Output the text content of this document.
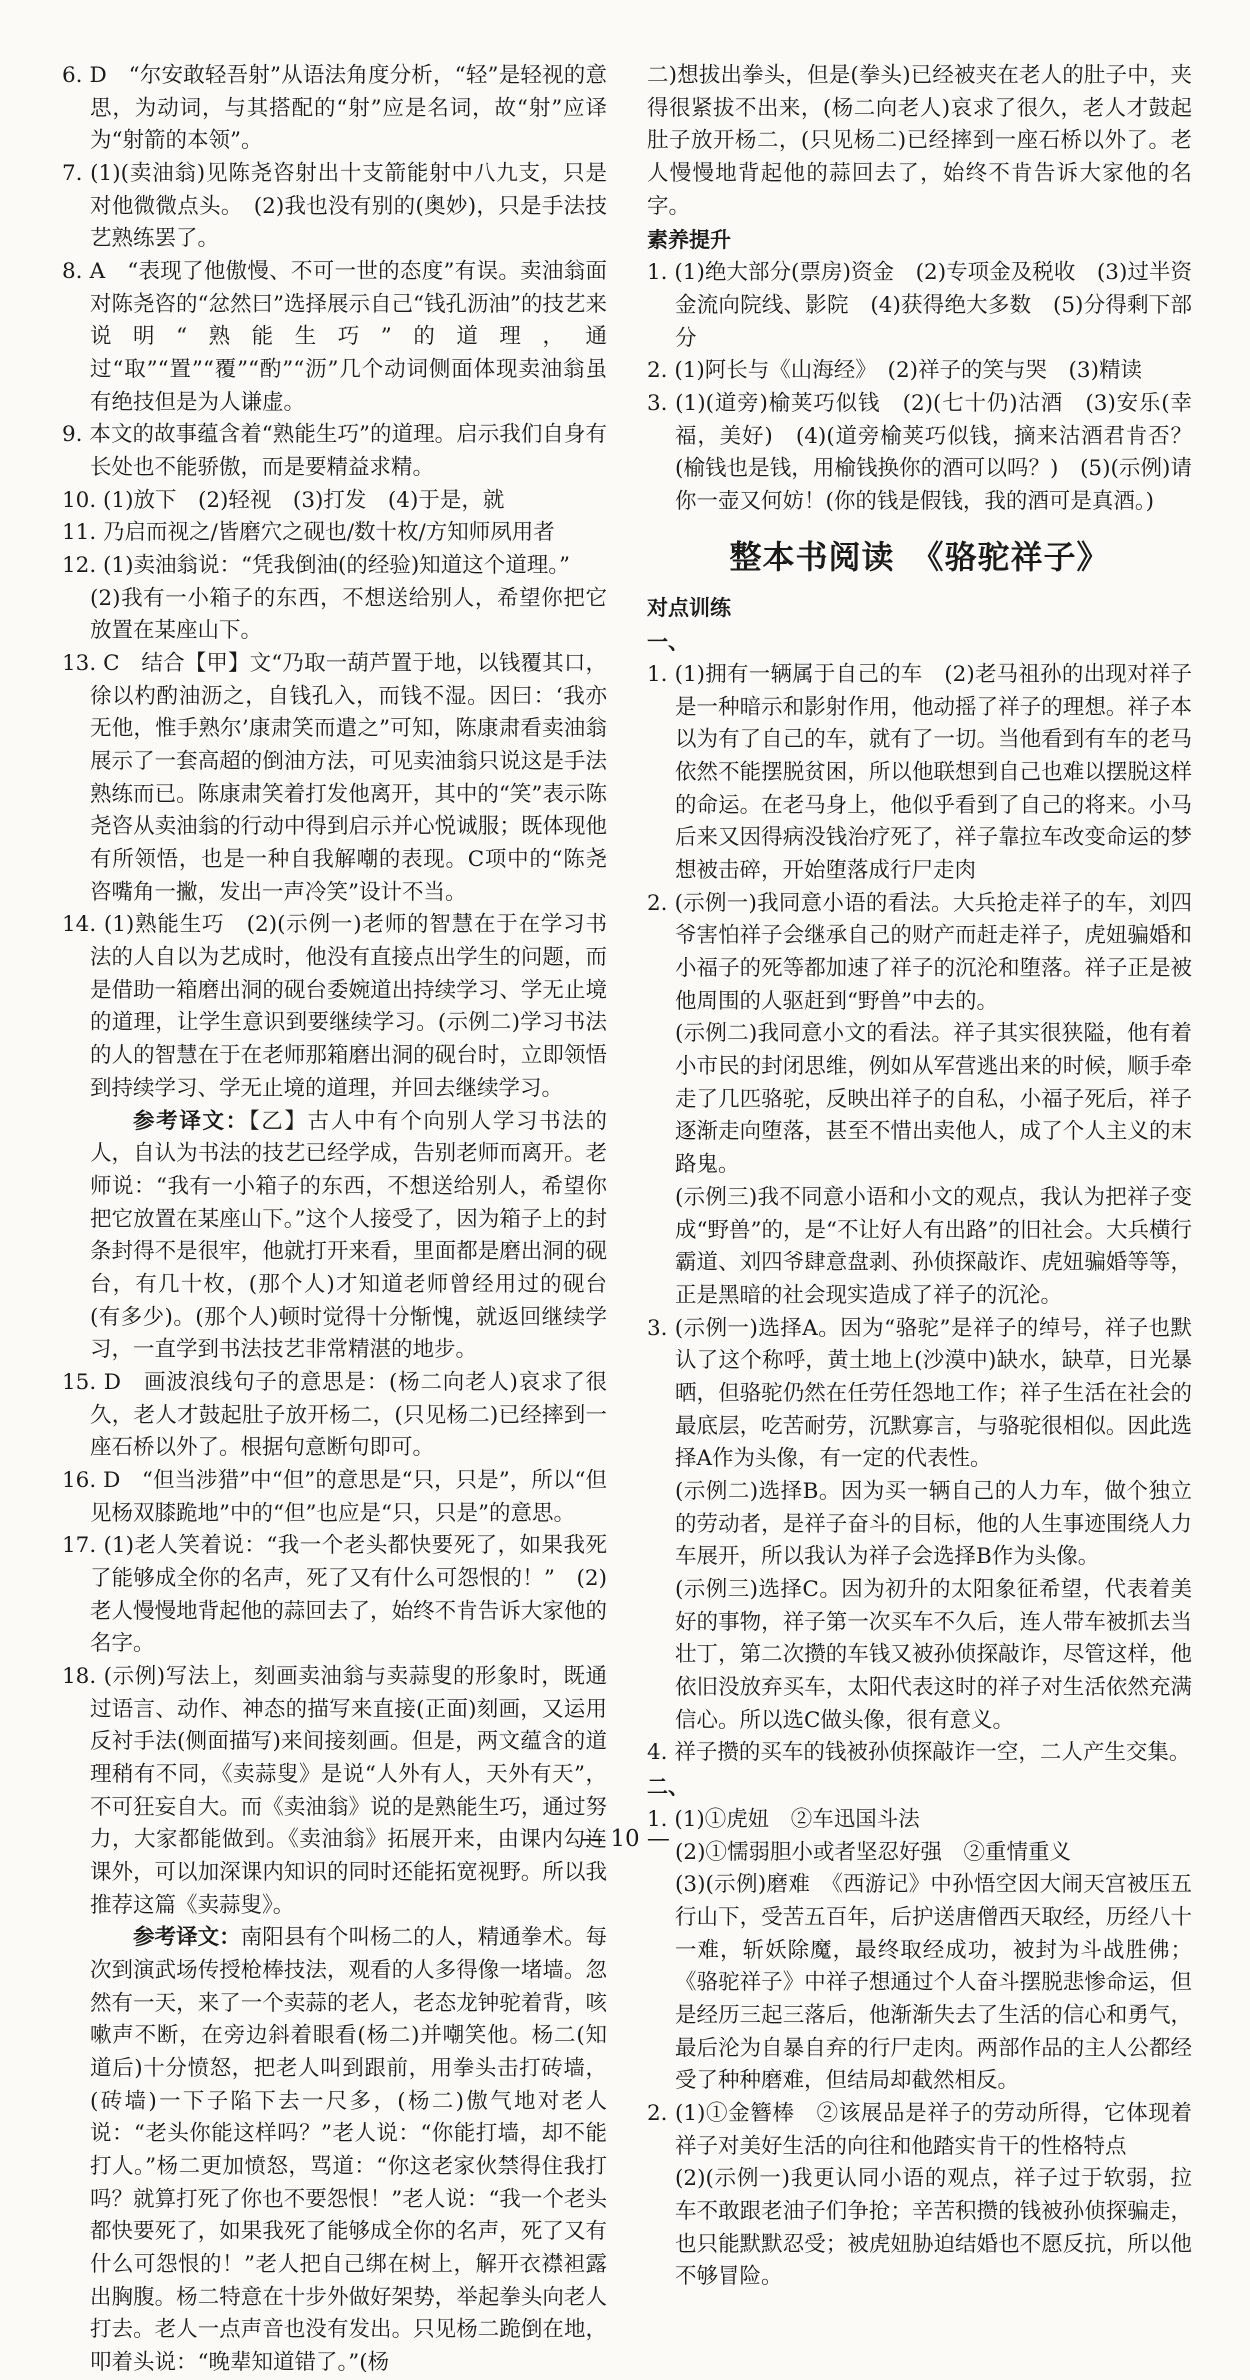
6. D　“尔安敢轻吾射”从语法角度分析，“轻”是轻视的意思，为动词，与其搭配的“射”应是名词，故“射”应译为“射箭的本领”。

7. (1)(卖油翁)见陈尧咨射出十支箭能射中八九支，只是对他微微点头。　(2)我也没有别的(奥妙)，只是手法技艺熟练罢了。

8. A　“表现了他傲慢、不可一世的态度”有误。卖油翁面对陈尧咨的“忿然曰”选择展示自己“钱孔沥油”的技艺来说明“熟能生巧”的道理，通过“取”“置”“覆”“酌”“沥”几个动词侧面体现卖油翁虽有绝技但是为人谦虚。

9. 本文的故事蕴含着“熟能生巧”的道理。启示我们自身有长处也不能骄傲，而是要精益求精。

10. (1)放下　(2)轻视　(3)打发　(4)于是，就

11. 乃启而视之/皆磨穴之砚也/数十枚/方知师夙用者

12. (1)卖油翁说：“凭我倒油(的经验)知道这个道理。”

(2)我有一小箱子的东西，不想送给别人，希望你把它放置在某座山下。

13. C　结合【甲】文“乃取一葫芦置于地，以钱覆其口，徐以杓酌油沥之，自钱孔入，而钱不湿。因曰：‘我亦无他，惟手熟尔’康肃笑而遣之”可知，陈康肃看卖油翁展示了一套高超的倒油方法，可见卖油翁只说这是手法熟练而已。陈康肃笑着打发他离开，其中的“笑”表示陈尧咨从卖油翁的行动中得到启示并心悦诚服；既体现他有所领悟，也是一种自我解嘲的表现。C项中的“陈尧咨嘴角一撇，发出一声冷笑”设计不当。

14. (1)熟能生巧　(2)(示例一)老师的智慧在于在学习书法的人自以为艺成时，他没有直接点出学生的问题，而是借助一箱磨出洞的砚台委婉道出持续学习、学无止境的道理，让学生意识到要继续学习。(示例二)学习书法的人的智慧在于在老师那箱磨出洞的砚台时，立即领悟到持续学习、学无止境的道理，并回去继续学习。

参考译文：【乙】古人中有个向别人学习书法的人，自认为书法的技艺已经学成，告别老师而离开。老师说：“我有一小箱子的东西，不想送给别人，希望你把它放置在某座山下。”这个人接受了，因为箱子上的封条封得不是很牢，他就打开来看，里面都是磨出洞的砚台，有几十枚，(那个人)才知道老师曾经用过的砚台(有多少)。(那个人)顿时觉得十分惭愧，就返回继续学习，一直学到书法技艺非常精湛的地步。

15. D　画波浪线句子的意思是：(杨二向老人)哀求了很久，老人才鼓起肚子放开杨二，(只见杨二)已经摔到一座石桥以外了。根据句意断句即可。

16. D　“但当涉猎”中“但”的意思是“只，只是”，所以“但见杨双膝跪地”中的“但”也应是“只，只是”的意思。

17. (1)老人笑着说：“我一个老头都快要死了，如果我死了能够成全你的名声，死了又有什么可怨恨的！”　(2)老人慢慢地背起他的蒜回去了，始终不肯告诉大家他的名字。

18. (示例)写法上，刻画卖油翁与卖蒜叟的形象时，既通过语言、动作、神态的描写来直接(正面)刻画，又运用反衬手法(侧面描写)来间接刻画。但是，两文蕴含的道理稍有不同，《卖蒜叟》是说“人外有人，天外有天”，不可狂妄自大。而《卖油翁》说的是熟能生巧，通过努力，大家都能做到。《卖油翁》拓展开来，由课内勾连课外，可以加深课内知识的同时还能拓宽视野。所以我推荐这篇《卖蒜叟》。

参考译文：南阳县有个叫杨二的人，精通拳术。每次到演武场传授枪棒技法，观看的人多得像一堵墙。忽然有一天，来了一个卖蒜的老人，老态龙钟驼着背，咳嗽声不断，在旁边斜着眼看(杨二)并嘲笑他。杨二(知道后)十分愤怒，把老人叫到跟前，用拳头击打砖墙，(砖墙)一下子陷下去一尺多，(杨二)傲气地对老人说：“老头你能这样吗？”老人说：“你能打墙，却不能打人。”杨二更加愤怒，骂道：“你这老家伙禁得住我打吗？就算打死了你也不要怨恨！”老人说：“我一个老头都快要死了，如果我死了能够成全你的名声，死了又有什么可怨恨的！”老人把自己绑在树上，解开衣襟袒露出胸腹。杨二特意在十步外做好架势，举起拳头向老人打去。老人一点声音也没有发出。只见杨二跪倒在地，叩着头说：“晚辈知道错了。”(杨

二)想拔出拳头，但是(拳头)已经被夹在老人的肚子中，夹得很紧拔不出来，(杨二向老人)哀求了很久，老人才鼓起肚子放开杨二，(只见杨二)已经摔到一座石桥以外了。老人慢慢地背起他的蒜回去了，始终不肯告诉大家他的名字。

素养提升

1. (1)绝大部分(票房)资金　(2)专项金及税收　(3)过半资金流向院线、影院　(4)获得绝大多数　(5)分得剩下部分

2. (1)阿长与《山海经》　(2)祥子的笑与哭　(3)精读

3. (1)(道旁)榆荚巧似钱　(2)(七十仍)沽酒　(3)安乐(幸福，美好)　(4)(道旁榆荚巧似钱，摘来沽酒君肯否？(榆钱也是钱，用榆钱换你的酒可以吗？)　(5)(示例)请你一壶又何妨！(你的钱是假钱，我的酒可是真酒。)

整本书阅读　《骆驼祥子》

对点训练

一、

1. (1)拥有一辆属于自己的车　(2)老马祖孙的出现对祥子是一种暗示和影射作用，他动摇了祥子的理想。祥子本以为有了自己的车，就有了一切。当他看到有车的老马依然不能摆脱贫困，所以他联想到自己也难以摆脱这样的命运。在老马身上，他似乎看到了自己的将来。小马后来又因得病没钱治疗死了，祥子靠拉车改变命运的梦想被击碎，开始堕落成行尸走肉

2. (示例一)我同意小语的看法。大兵抢走祥子的车，刘四爷害怕祥子会继承自己的财产而赶走祥子，虎妞骗婚和小福子的死等都加速了祥子的沉沦和堕落。祥子正是被他周围的人驱赶到“野兽”中去的。

(示例二)我同意小文的看法。祥子其实很狭隘，他有着小市民的封闭思维，例如从军营逃出来的时候，顺手牵走了几匹骆驼，反映出祥子的自私，小福子死后，祥子逐渐走向堕落，甚至不惜出卖他人，成了个人主义的末路鬼。

(示例三)我不同意小语和小文的观点，我认为把祥子变成“野兽”的，是“不让好人有出路”的旧社会。大兵横行霸道、刘四爷肆意盘剥、孙侦探敲诈、虎妞骗婚等等，正是黑暗的社会现实造成了祥子的沉沦。

3. (示例一)选择A。因为“骆驼”是祥子的绰号，祥子也默认了这个称呼，黄土地上(沙漠中)缺水，缺草，日光暴晒，但骆驼仍然在任劳任怨地工作；祥子生活在社会的最底层，吃苦耐劳，沉默寡言，与骆驼很相似。因此选择A作为头像，有一定的代表性。

(示例二)选择B。因为买一辆自己的人力车，做个独立的劳动者，是祥子奋斗的目标，他的人生事迹围绕人力车展开，所以我认为祥子会选择B作为头像。

(示例三)选择C。因为初升的太阳象征希望，代表着美好的事物，祥子第一次买车不久后，连人带车被抓去当壮丁，第二次攒的车钱又被孙侦探敲诈，尽管这样，他依旧没放弃买车，太阳代表这时的祥子对生活依然充满信心。所以选C做头像，很有意义。

4. 祥子攒的买车的钱被孙侦探敲诈一空，二人产生交集。

二、

1. (1)①虎妞　②车迅国斗法

(2)①懦弱胆小或者坚忍好强　②重情重义

(3)(示例)磨难　《西游记》中孙悟空因大闹天宫被压五行山下，受苦五百年，后护送唐僧西天取经，历经八十一难，斩妖除魔，最终取经成功，被封为斗战胜佛；《骆驼祥子》中祥子想通过个人奋斗摆脱悲惨命运，但是经历三起三落后，他渐渐失去了生活的信心和勇气，最后沦为自暴自弃的行尸走肉。两部作品的主人公都经受了种种磨难，但结局却截然相反。

2. (1)①金簪棒　②该展品是祥子的劳动所得，它体现着祥子对美好生活的向往和他踏实肯干的性格特点

(2)(示例一)我更认同小语的观点，祥子过于软弱，拉车不敢跟老油子们争抢；辛苦积攒的钱被孙侦探骗走，也只能默默忍受；被虎妞胁迫结婚也不愿反抗，所以他不够冒险。

— 10 —
